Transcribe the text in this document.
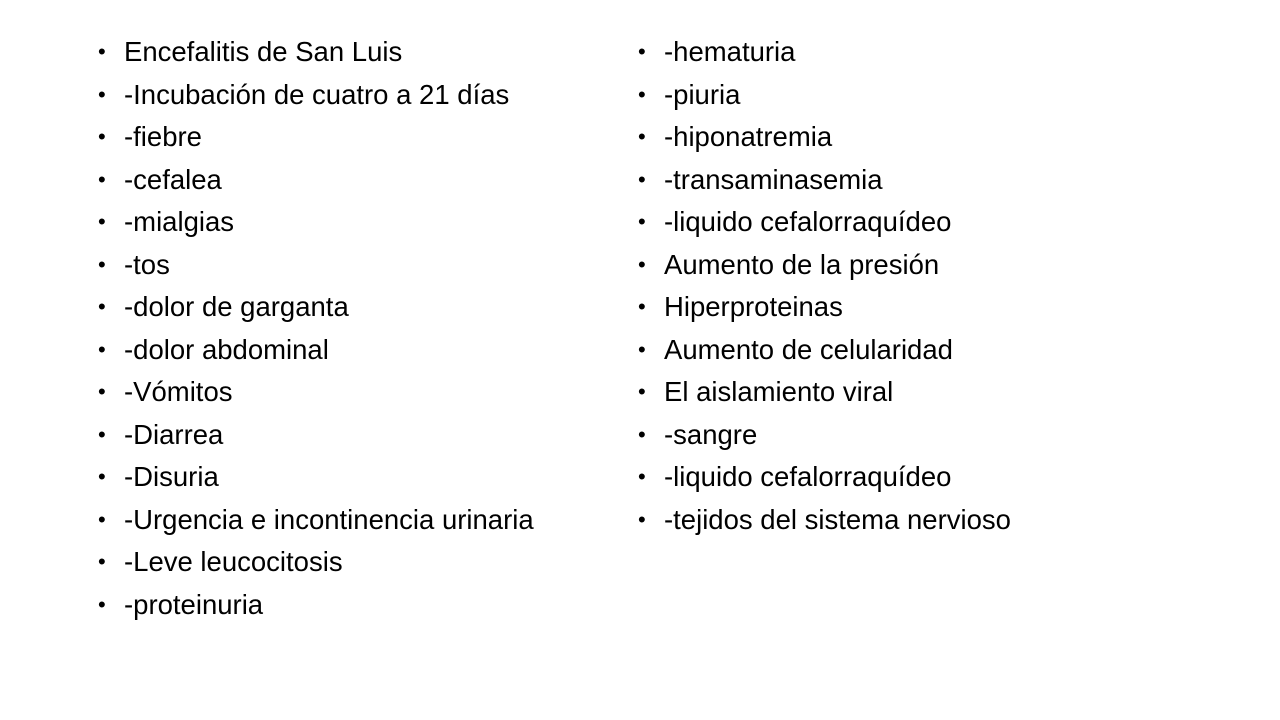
• Encefalitis de San Luis
• -Incubación de cuatro a 21 días
• -fiebre
• -cefalea
• -mialgias
• -tos
• -dolor de garganta
• -dolor abdominal
• -Vómitos
• -Diarrea
• -Disuria
• -Urgencia e incontinencia urinaria
• -Leve leucocitosis
• -proteinuria
• -hematuria
• -piuria
• -hiponatremia
• -transaminasemia
• -liquido cefalorraquídeo
• Aumento de la presión
• Hiperproteinas
• Aumento de celularidad
• El aislamiento viral
• -sangre
• -liquido cefalorraquídeo
• -tejidos del sistema nervioso
